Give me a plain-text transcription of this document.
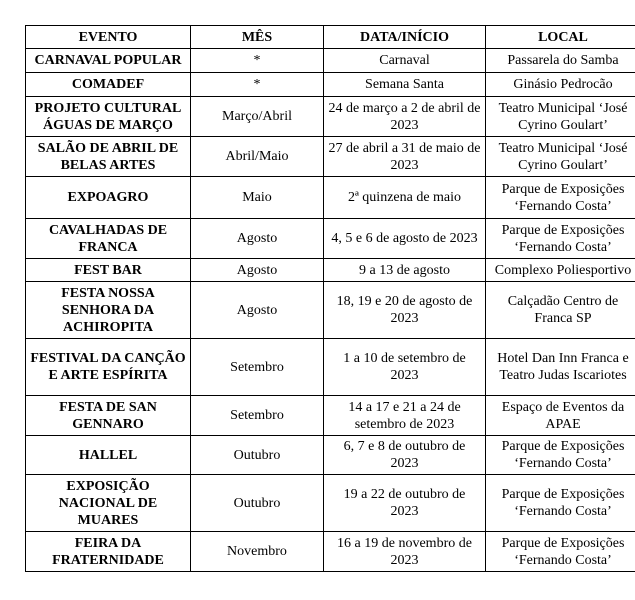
EVENTO	MÊS	DATA/INÍCIO	LOCAL
CARNAVAL POPULAR	*	Carnaval	Passarela do Samba
COMADEF	*	Semana Santa	Ginásio Pedrocão
PROJETO CULTURAL ÁGUAS DE MARÇO	Março/Abril	24 de março a 2 de abril de 2023	Teatro Municipal ‘José Cyrino Goulart’
SALÃO DE ABRIL DE BELAS ARTES	Abril/Maio	27 de abril a 31 de maio de 2023	Teatro Municipal ‘José Cyrino Goulart’
EXPOAGRO	Maio	2ª quinzena de maio	Parque de Exposições ‘Fernando Costa’
CAVALHADAS DE FRANCA	Agosto	4, 5 e 6 de agosto de 2023	Parque de Exposições ‘Fernando Costa’
FEST BAR	Agosto	9 a 13 de agosto	Complexo Poliesportivo
FESTA NOSSA SENHORA DA ACHIROPITA	Agosto	18, 19 e 20 de agosto de 2023	Calçadão Centro de Franca SP
FESTIVAL DA CANÇÃO E ARTE ESPÍRITA	Setembro	1 a 10 de setembro de 2023	Hotel Dan Inn Franca e Teatro Judas Iscariotes
FESTA DE SAN GENNARO	Setembro	14 a 17 e 21 a 24 de setembro de 2023	Espaço de Eventos da APAE
HALLEL	Outubro	6, 7 e 8 de outubro de 2023	Parque de Exposições ‘Fernando Costa’
EXPOSIÇÃO NACIONAL DE MUARES	Outubro	19 a 22 de outubro de 2023	Parque de Exposições ‘Fernando Costa’
FEIRA DA FRATERNIDADE	Novembro	16 a 19 de novembro de 2023	Parque de Exposições ‘Fernando Costa’
